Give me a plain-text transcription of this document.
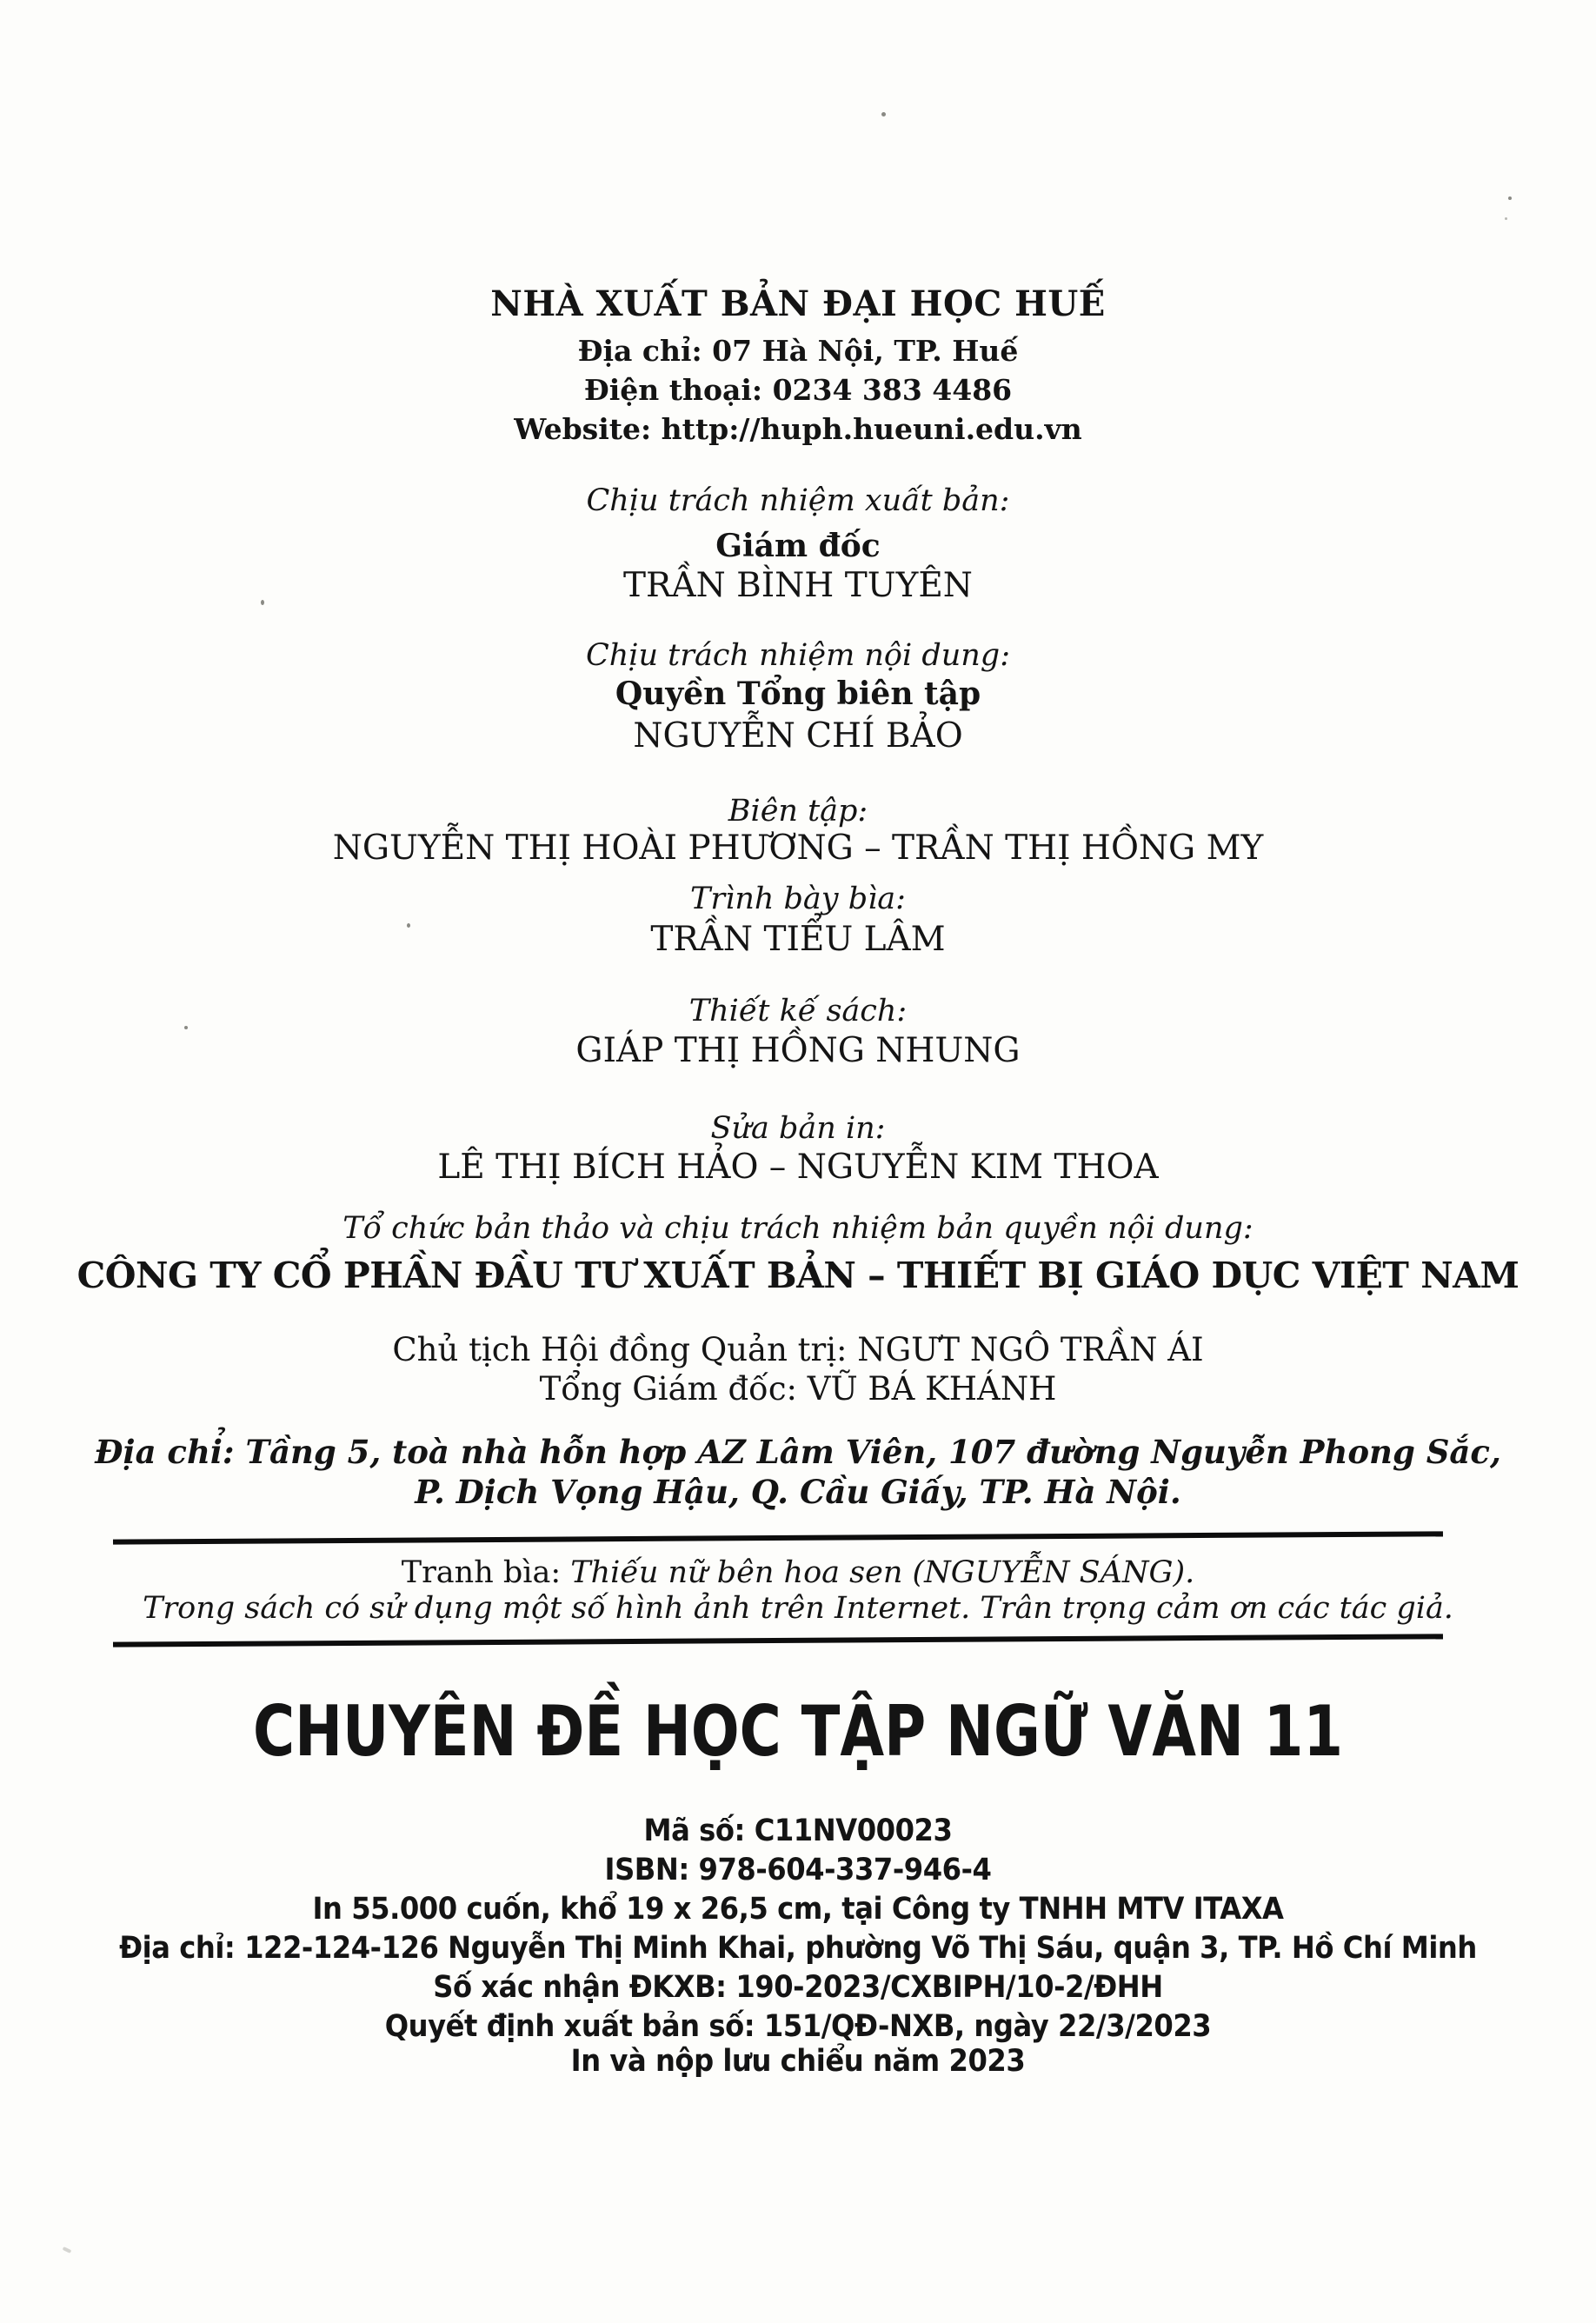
NHÀ XUẤT BẢN ĐẠI HỌC HUẾ
Địa chỉ: 07 Hà Nội, TP. Huế
Điện thoại: 0234 383 4486
Website: http://huph.hueuni.edu.vn
Chịu trách nhiệm xuất bản:
Giám đốc
TRẦN BÌNH TUYÊN
Chịu trách nhiệm nội dung:
Quyền Tổng biên tập
NGUYỄN CHÍ BẢO
Biên tập:
NGUYỄN THỊ HOÀI PHƯƠNG – TRẦN THỊ HỒNG MY
Trình bày bìa:
TRẦN TIỂU LÂM
Thiết kế sách:
GIÁP THỊ HỒNG NHUNG
Sửa bản in:
LÊ THỊ BÍCH HẢO – NGUYỄN KIM THOA
Tổ chức bản thảo và chịu trách nhiệm bản quyền nội dung:
CÔNG TY CỔ PHẦN ĐẦU TƯ XUẤT BẢN – THIẾT BỊ GIÁO DỤC VIỆT NAM
Chủ tịch Hội đồng Quản trị: NGƯT NGÔ TRẦN ÁI
Tổng Giám đốc: VŨ BÁ KHÁNH
Địa chỉ: Tầng 5, toà nhà hỗn hợp AZ Lâm Viên, 107 đường Nguyễn Phong Sắc,
P. Dịch Vọng Hậu, Q. Cầu Giấy, TP. Hà Nội.
Tranh bìa: Thiếu nữ bên hoa sen (NGUYỄN SÁNG).
Trong sách có sử dụng một số hình ảnh trên Internet. Trân trọng cảm ơn các tác giả.
CHUYÊN ĐỀ HỌC TẬP NGỮ VĂN 11
Mã số: C11NV00023
ISBN: 978-604-337-946-4
In 55.000 cuốn, khổ 19 x 26,5 cm, tại Công ty TNHH MTV ITAXA
Địa chỉ: 122-124-126 Nguyễn Thị Minh Khai, phường Võ Thị Sáu, quận 3, TP. Hồ Chí Minh
Số xác nhận ĐKXB: 190-2023/CXBIPH/10-2/ĐHH
Quyết định xuất bản số: 151/QĐ-NXB, ngày 22/3/2023
In và nộp lưu chiểu năm 2023
